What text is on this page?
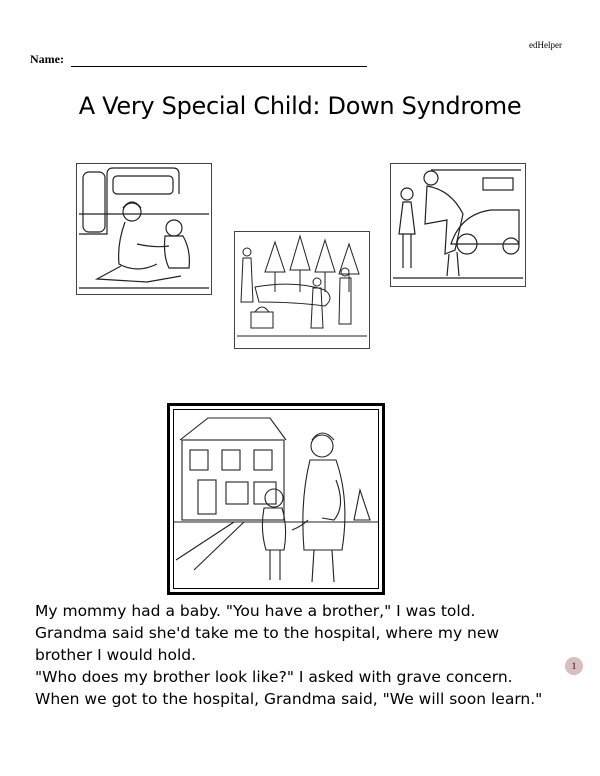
edHelper
Name:
A Very Special Child: Down Syndrome
My mommy had a baby. "You have a brother," I was told.
Grandma said she'd take me to the hospital, where my new
brother I would hold.
"Who does my brother look like?" I asked with grave concern.
When we got to the hospital, Grandma said, "We will soon learn."
1
